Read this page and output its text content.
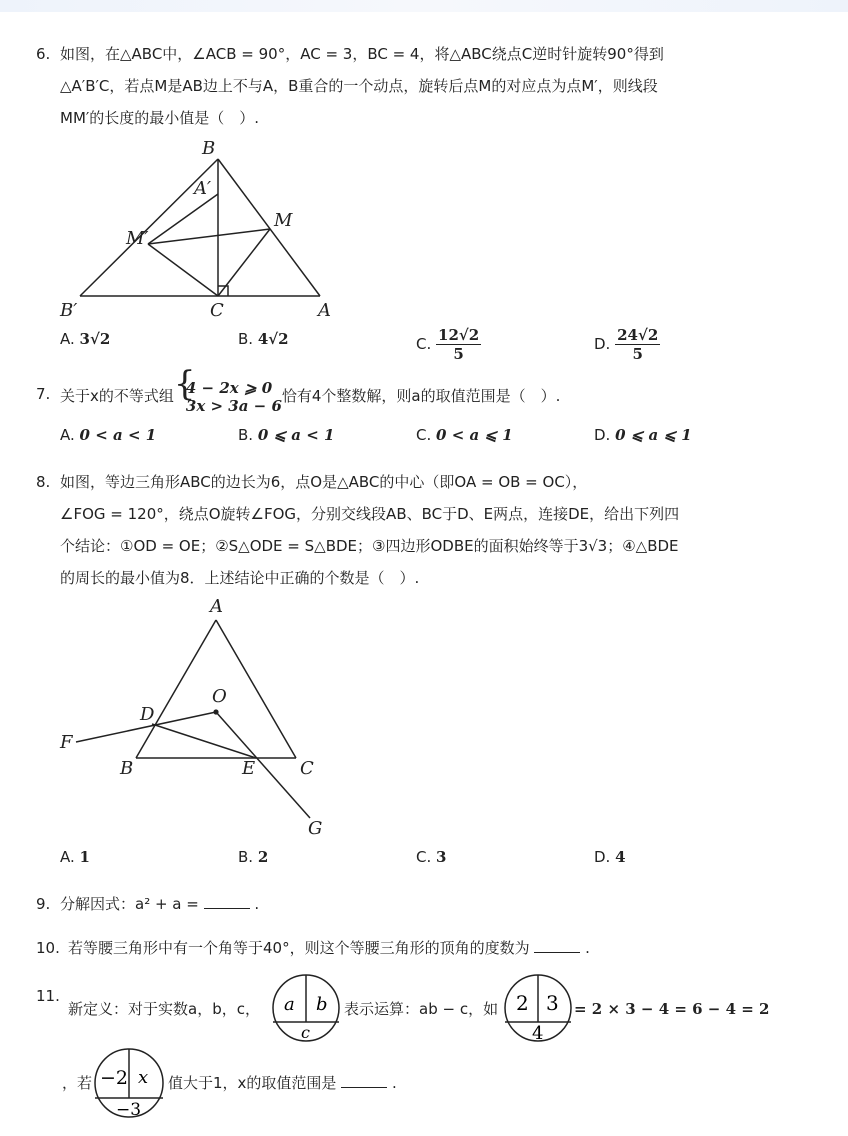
6. 如图，在△ABC中，∠ACB = 90°，AC = 3，BC = 4，将△ABC绕点C逆时针旋转90°得到
△A′B′C，若点M是AB边上不与A，B重合的一个动点，旋转后点M的对应点为点M′，则线段
MM′的长度的最小值是（　）.
B
A′
M
M′
B′	C	A
A. 3√2	B. 4√2	C. $\frac{12√2}{5}$	D. $\frac{24√2}{5}$
7. 关于x的不等式组 {
4 − 2x ⩾ 0
3x > 3a − 6
恰有4个整数解，则a的取值范围是（　）.
A. 0 < a < 1	B. 0 ⩽ a < 1	C. 0 < a ⩽ 1	D. 0 ⩽ a ⩽ 1
8. 如图，等边三角形ABC的边长为6，点O是△ABC的中心（即OA = OB = OC），
∠FOG = 120°，绕点O旋转∠FOG，分别交线段AB、BC于D、E两点，连接DE，给出下列四
个结论：①OD = OE；②S△ODE = S△BDE；③四边形ODBE的面积始终等于3√3；④△BDE
的周长的最小值为8．上述结论中正确的个数是（　）.
A
O
D
F
B	E C
G
A. 1	B. 2	C. 3	D. 4
9. 分解因式：a² + a =	.
10. 若等腰三角形中有一个角等于40°，则这个等腰三角形的顶角的度数为	.
11.
新定义：对于实数a，b，c， a b
c
表示运算：ab − c，如 2 3
4
= 2 × 3 − 4 = 6 − 4 = 2
，若 −2 x
−3
值大于1，x的取值范围是	.
